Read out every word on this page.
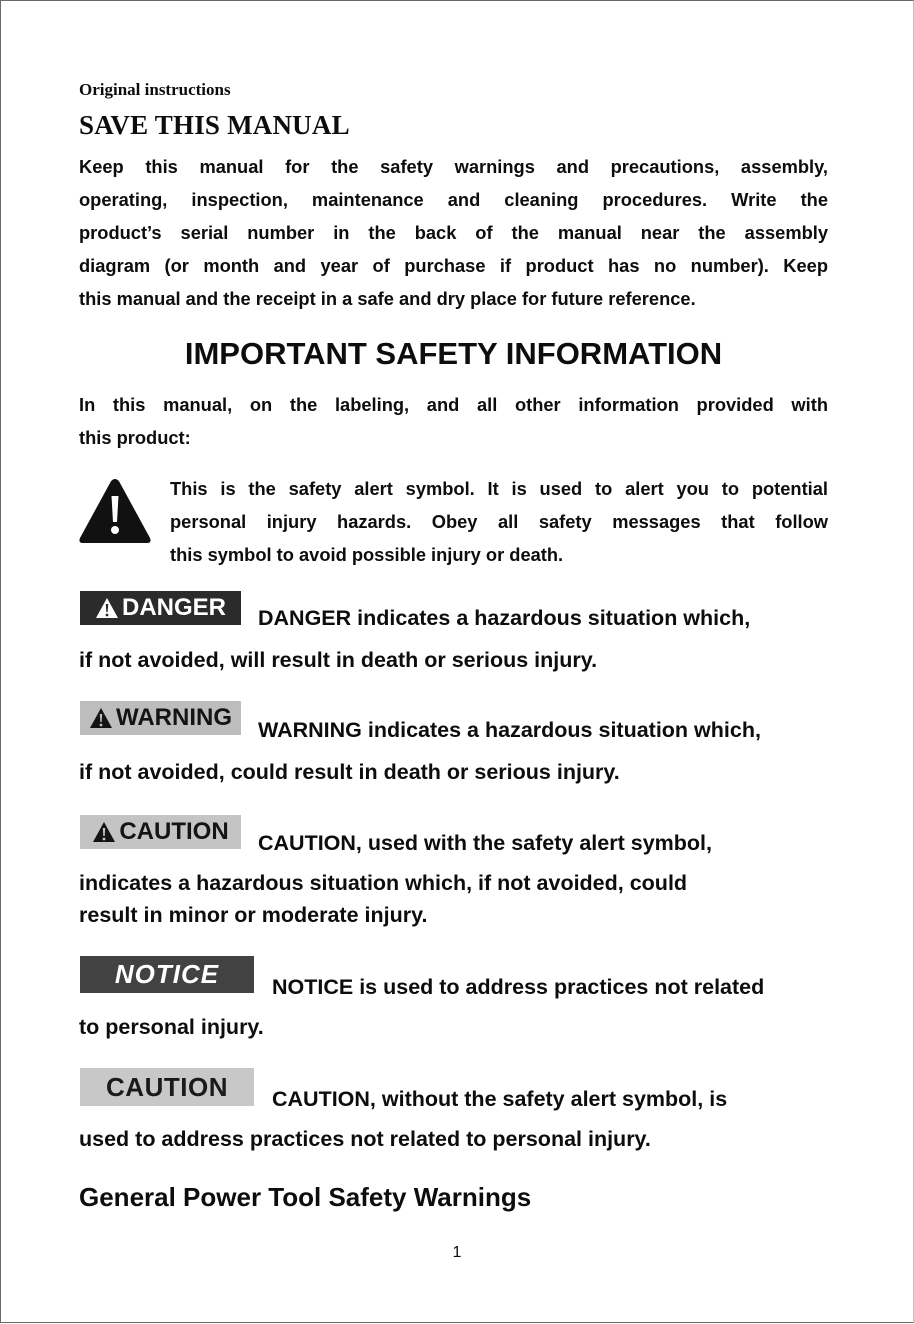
Original instructions
SAVE THIS MANUAL
Keep this manual for the safety warnings and precautions, assembly,
operating, inspection, maintenance and cleaning procedures. Write the
product’s serial number in the back of the manual near the assembly
diagram (or month and year of purchase if product has no number). Keep
this manual and the receipt in a safe and dry place for future reference.
IMPORTANT SAFETY INFORMATION
In this manual, on the labeling, and all other information provided with
this product:
This is the safety alert symbol. It is used to alert you to potential
personal injury hazards. Obey all safety messages that follow
this symbol to avoid possible injury or death.
DANGER DANGER indicates a hazardous situation which,
if not avoided, will result in death or serious injury.
WARNING WARNING indicates a hazardous situation which,
if not avoided, could result in death or serious injury.
CAUTION CAUTION, used with the safety alert symbol,
indicates a hazardous situation which, if not avoided, could
result in minor or moderate injury.
NOTICE NOTICE is used to address practices not related
to personal injury.
CAUTION CAUTION, without the safety alert symbol, is
used to address practices not related to personal injury.
General Power Tool Safety Warnings
1
